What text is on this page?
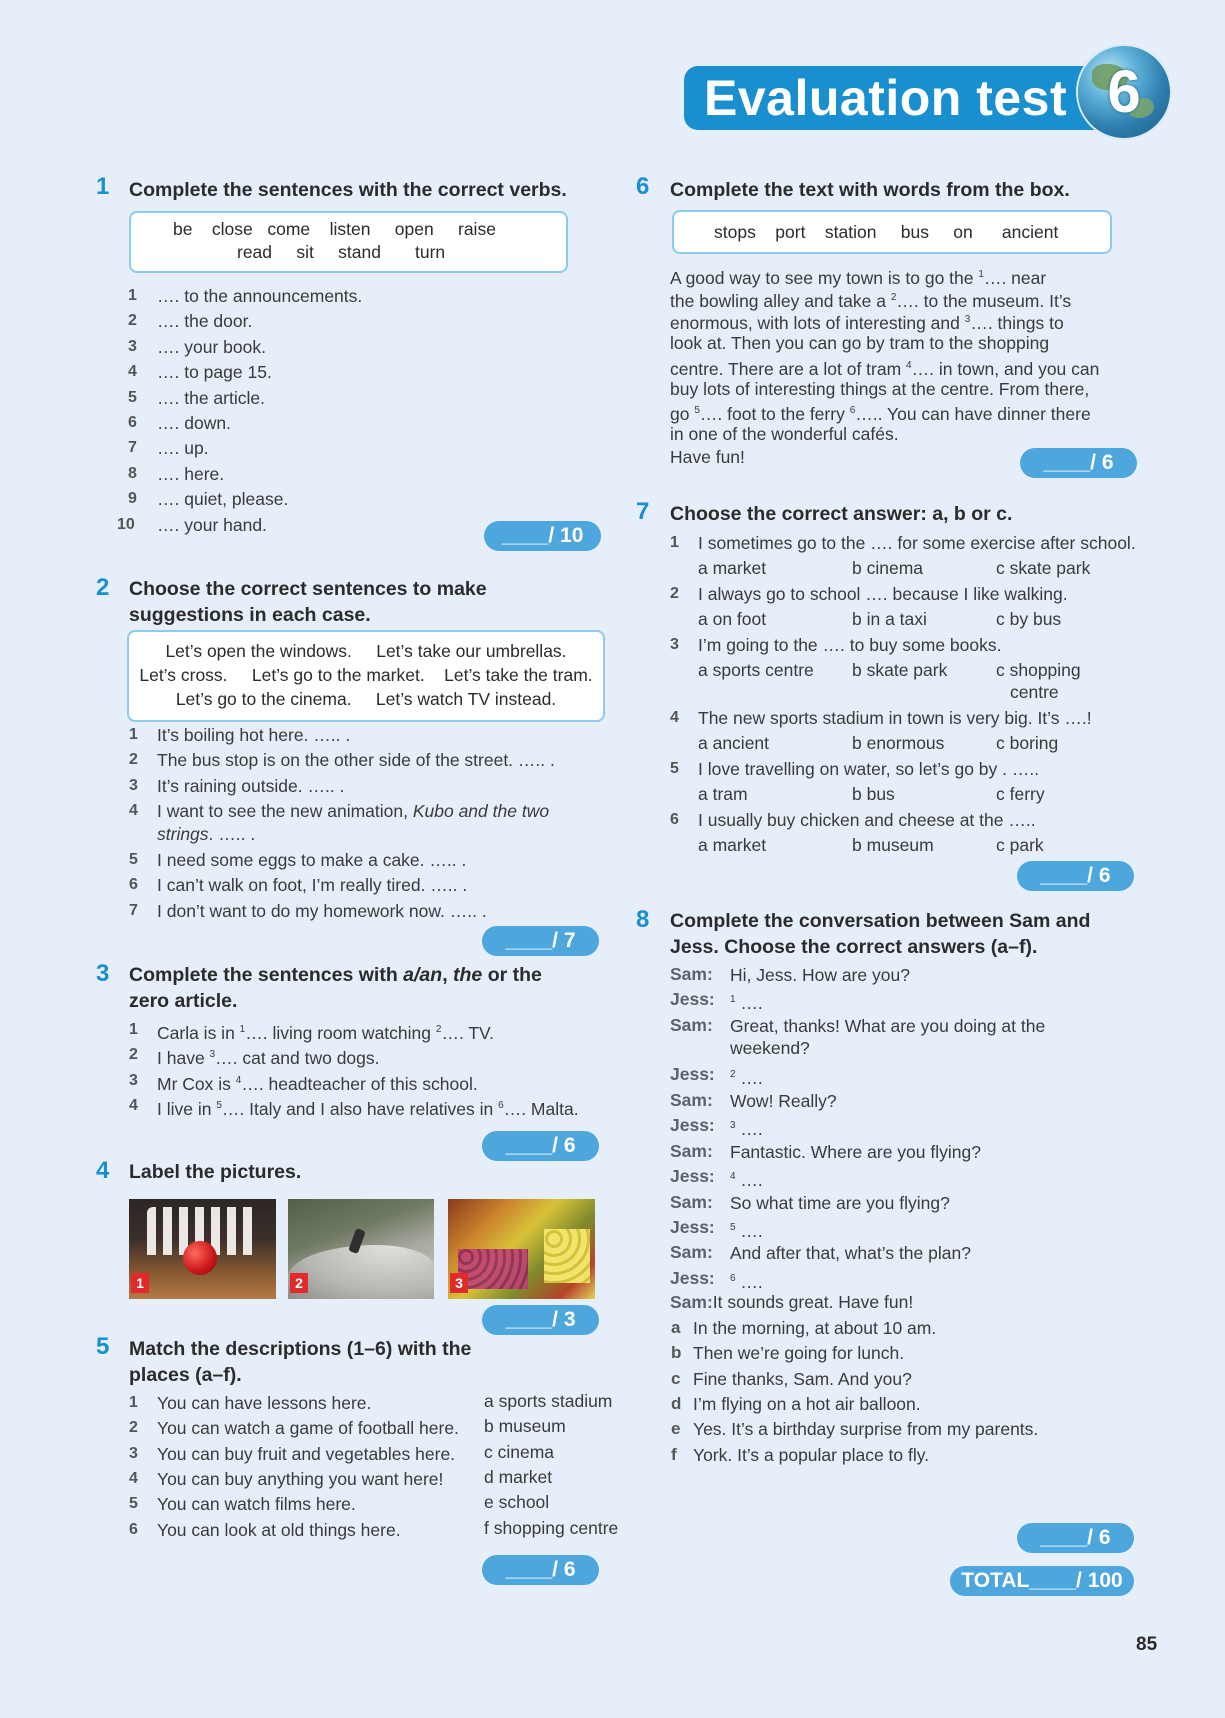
Evaluation test 6
1 Complete the sentences with the correct verbs.
be    close   come    listen     open     raise
read     sit     stand       turn
1 …. to the announcements.
2 …. the door.
3 …. your book.
4 …. to page 15.
5 …. the article.
6 …. down.
7 …. up.
8 …. here.
9 …. quiet, please.
10 …. your hand.	____/ 10
2 Choose the correct sentences to make
suggestions in each case.
Let’s open the windows.     Let’s take our umbrellas.
Let’s cross.     Let’s go to the market.    Let’s take the tram.
Let’s go to the cinema.     Let’s watch TV instead.
1 It’s boiling hot here. ….. .
2 The bus stop is on the other side of the street. ….. .
3 It’s raining outside. ….. .
4 I want to see the new animation, Kubo and the two
strings. ….. .
5 I need some eggs to make a cake. ….. .
6 I can’t walk on foot, I’m really tired. ….. .
7 I don’t want to do my homework now. ….. .
____/ 7
3 Complete the sentences with a/an, the or the
zero article.
1 Carla is in $^1$…. living room watching $^2$…. TV.
2 I have $^3$…. cat and two dogs.
3 Mr Cox is $^4$…. headteacher of this school.
4 I live in $^5$…. Italy and I also have relatives in $^6$…. Malta.
____/ 6
4 Label the pictures.
1	2	3
____/ 3
5 Match the descriptions (1–6) with the
places (a–f).
1 You can have lessons here.	a sports stadium
2 You can watch a game of football here. b museum
3 You can buy fruit and vegetables here. c cinema
4 You can buy anything you want here! d market
5 You can watch films here.	e school
6 You can look at old things here.	f shopping centre
____/ 6
6 Complete the text with words from the box.
stops    port    station     bus     on      ancient
A good way to see my town is to go the $^1$…. near
the bowling alley and take a $^2$…. to the museum. It’s
enormous, with lots of interesting and $^3$…. things to
look at. Then you can go by tram to the shopping
centre. There are a lot of tram $^4$…. in town, and you can
buy lots of interesting things at the centre. From there,
go $^5$…. foot to the ferry $^6$….. You can have dinner there
in one of the wonderful cafés.
Have fun!	____/ 6
7 Choose the correct answer: a, b or c.
1 I sometimes go to the …. for some exercise after school.
a market	b cinema	c skate park
2 I always go to school …. because I like walking.
a on foot	b in a taxi	c by bus
3 I’m going to the …. to buy some books.
a sports centre b skate park	c shopping
centre
4 The new sports stadium in town is very big. It’s ….!
a ancient	b enormous	c boring
5 I love travelling on water, so let’s go by . …..
a tram	b bus	c ferry
6 I usually buy chicken and cheese at the …..
a market	b museum	c park
____/ 6
8 Complete the conversation between Sam and
Jess. Choose the correct answers (a–f).
Sam: Hi, Jess. How are you?
Jess: $^1$ ….
Sam: Great, thanks! What are you doing at the
weekend?
Jess: $^2$ ….
Sam: Wow! Really?
Jess: $^3$ ….
Sam: Fantastic. Where are you flying?
Jess: $^4$ ….
Sam: So what time are you flying?
Jess: $^5$ ….
Sam: And after that, what’s the plan?
Jess: $^6$ ….
Sam:It sounds great. Have fun!
a In the morning, at about 10 am.
b Then we’re going for lunch.
c Fine thanks, Sam. And you?
d I’m flying on a hot air balloon.
e Yes. It’s a birthday surprise from my parents.
f York. It’s a popular place to fly.
____/ 6
TOTAL____/ 100
85
